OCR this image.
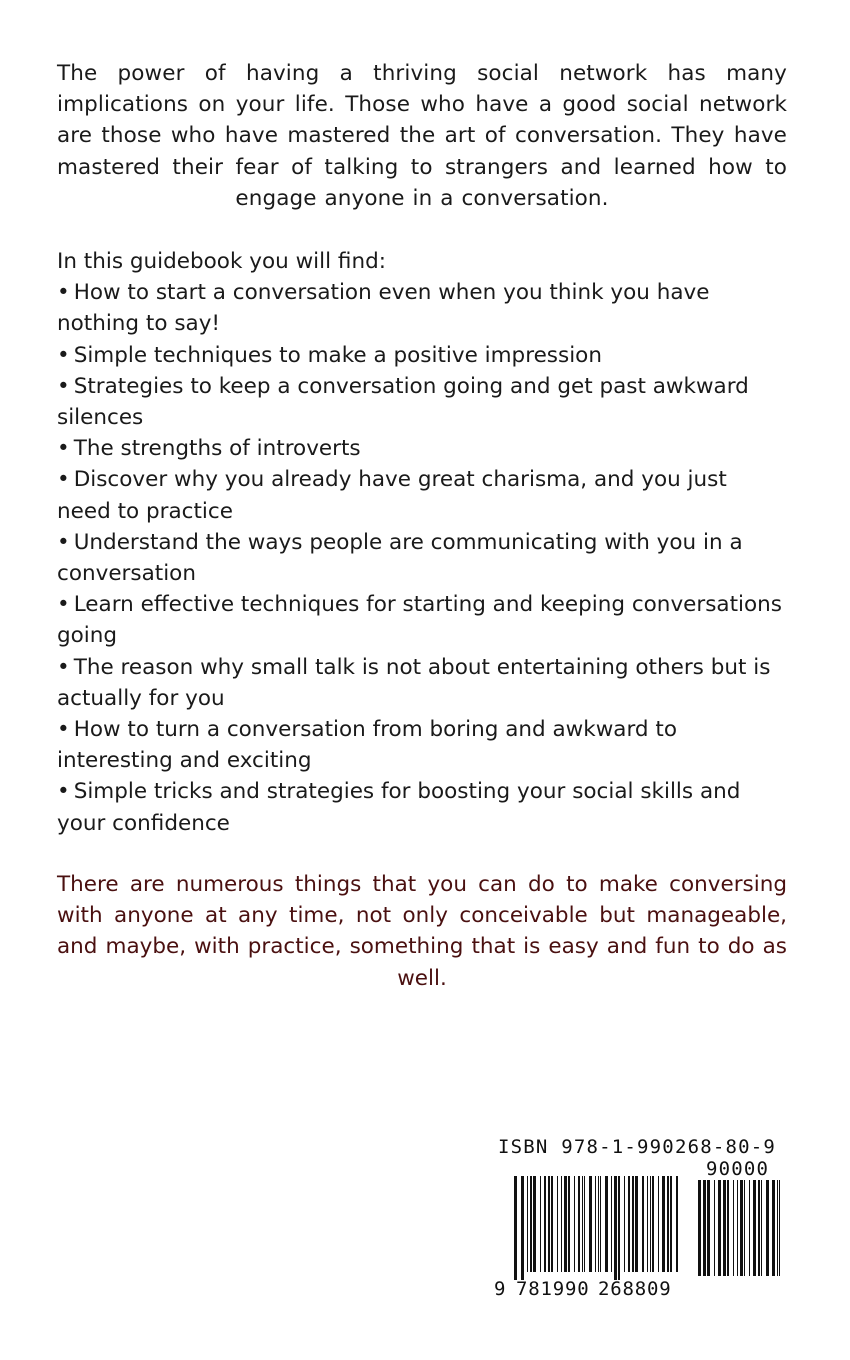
The power of having a thriving social network has many implications on your life. Those who have a good social network are those who have mastered the art of conversation. They have mastered their fear of talking to strangers and learned how to engage anyone in a conversation.

In this guidebook you will find:
• How to start a conversation even when you think you have nothing to say!
• Simple techniques to make a positive impression
• Strategies to keep a conversation going and get past awkward silences
• The strengths of introverts
• Discover why you already have great charisma, and you just need to practice
• Understand the ways people are communicating with you in a conversation
• Learn effective techniques for starting and keeping conversations going
• The reason why small talk is not about entertaining others but is actually for you
• How to turn a conversation from boring and awkward to interesting and exciting
• Simple tricks and strategies for boosting your social skills and your confidence

There are numerous things that you can do to make conversing with anyone at any time, not only conceivable but manageable, and maybe, with practice, something that is easy and fun to do as well.

ISBN 978-1-990268-80-9
90000
9 781990 268809
